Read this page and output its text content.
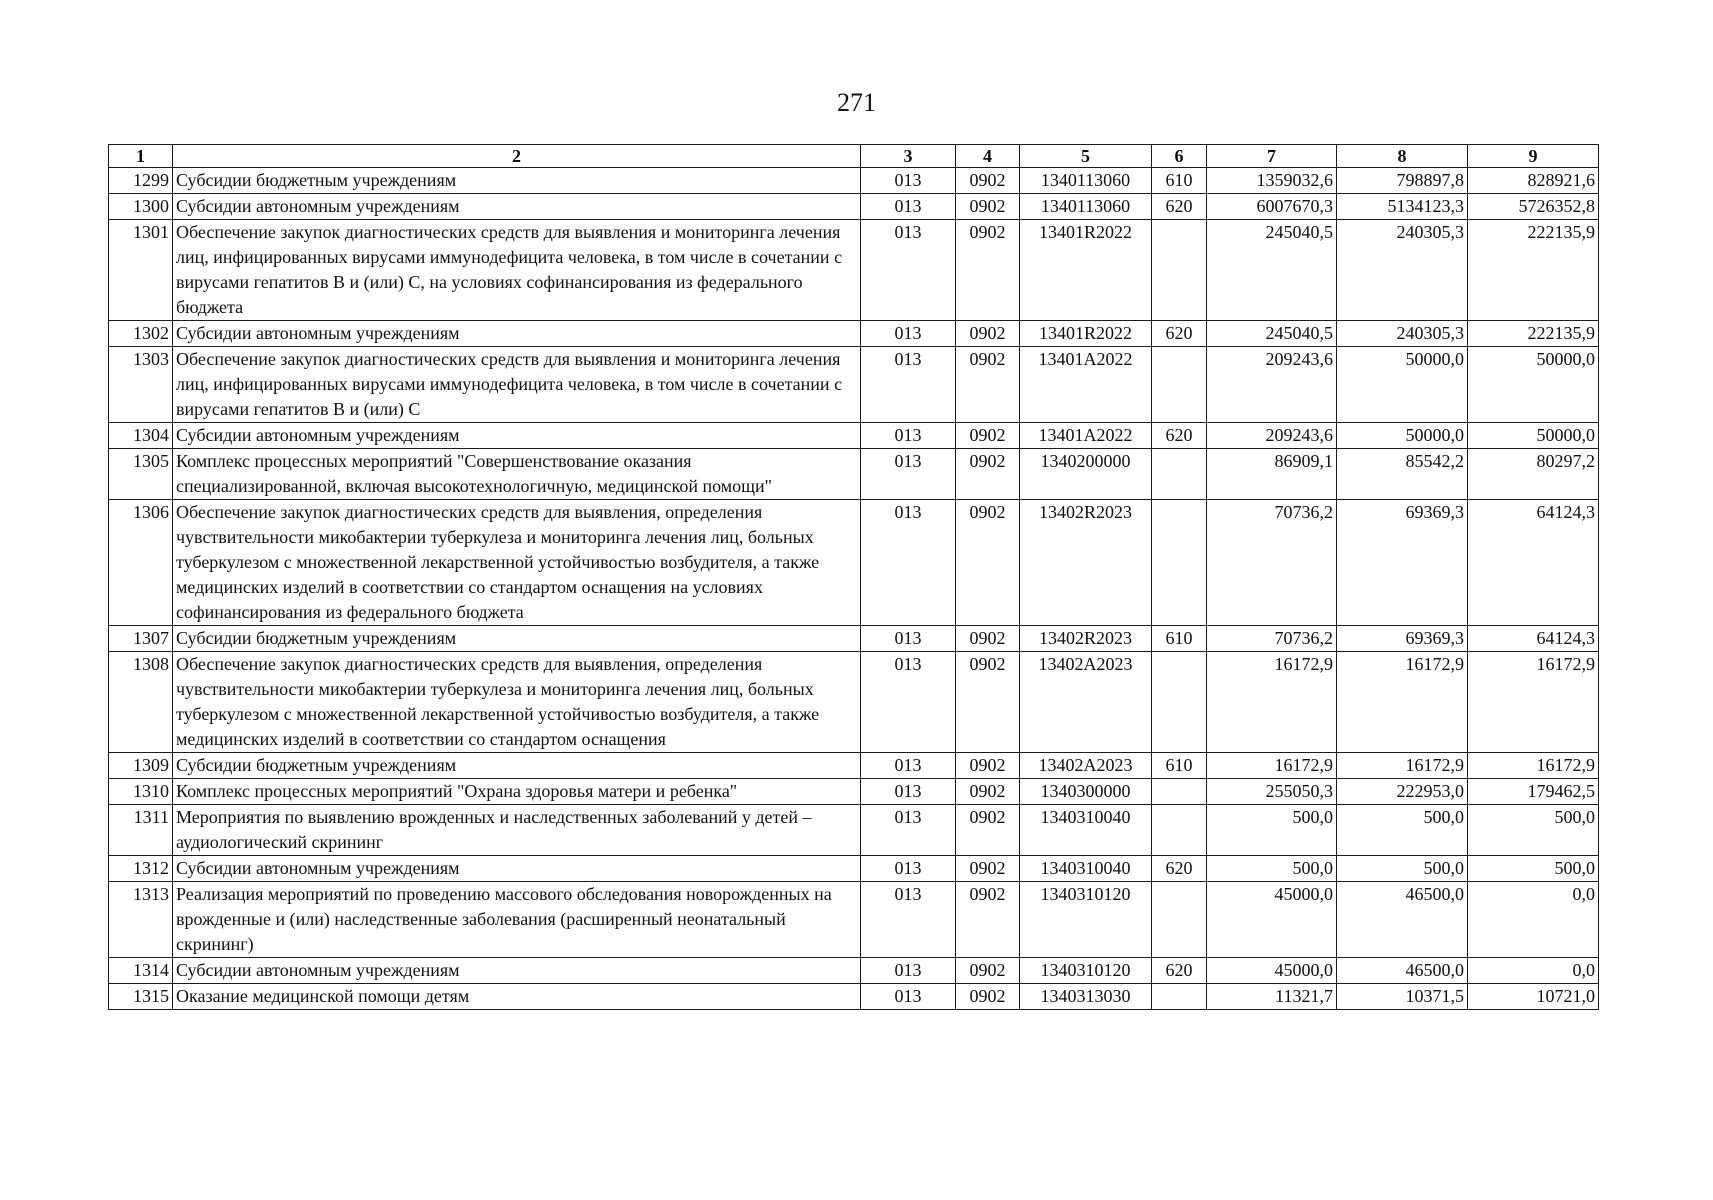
271
1	2	3	4	5	6	7	8	9
1299	Субсидии бюджетным учреждениям	013	0902	1340113060	610	1359032,6	798897,8	828921,6
1300	Субсидии автономным учреждениям	013	0902	1340113060	620	6007670,3	5134123,3	5726352,8
1301	Обеспечение закупок диагностических средств для выявления и мониторинга лечения лиц, инфицированных вирусами иммунодефицита человека, в том числе в сочетании с вирусами гепатитов В и (или) С, на условиях софинансирования из федерального бюджета	013	0902	13401R2022		245040,5	240305,3	222135,9
1302	Субсидии автономным учреждениям	013	0902	13401R2022	620	245040,5	240305,3	222135,9
1303	Обеспечение закупок диагностических средств для выявления и мониторинга лечения лиц, инфицированных вирусами иммунодефицита человека, в том числе в сочетании с вирусами гепатитов В и (или) С	013	0902	13401А2022		209243,6	50000,0	50000,0
1304	Субсидии автономным учреждениям	013	0902	13401А2022	620	209243,6	50000,0	50000,0
1305	Комплекс процессных мероприятий "Совершенствование оказания специализированной, включая высокотехнологичную, медицинской помощи"	013	0902	1340200000		86909,1	85542,2	80297,2
1306	Обеспечение закупок диагностических средств для выявления, определения чувствительности микобактерии туберкулеза и мониторинга лечения лиц, больных туберкулезом с множественной лекарственной устойчивостью возбудителя, а также медицинских изделий в соответствии со стандартом оснащения на условиях софинансирования из федерального бюджета	013	0902	13402R2023		70736,2	69369,3	64124,3
1307	Субсидии бюджетным учреждениям	013	0902	13402R2023	610	70736,2	69369,3	64124,3
1308	Обеспечение закупок диагностических средств для выявления, определения чувствительности микобактерии туберкулеза и мониторинга лечения лиц, больных туберкулезом с множественной лекарственной устойчивостью возбудителя, а также медицинских изделий в соответствии со стандартом оснащения	013	0902	13402А2023		16172,9	16172,9	16172,9
1309	Субсидии бюджетным учреждениям	013	0902	13402А2023	610	16172,9	16172,9	16172,9
1310	Комплекс процессных мероприятий "Охрана здоровья матери и ребенка"	013	0902	1340300000		255050,3	222953,0	179462,5
1311	Мероприятия по выявлению врожденных и наследственных заболеваний у детей – аудиологический скрининг	013	0902	1340310040		500,0	500,0	500,0
1312	Субсидии автономным учреждениям	013	0902	1340310040	620	500,0	500,0	500,0
1313	Реализация мероприятий по проведению массового обследования новорожденных на врожденные и (или) наследственные заболевания (расширенный неонатальный скрининг)	013	0902	1340310120		45000,0	46500,0	0,0
1314	Субсидии автономным учреждениям	013	0902	1340310120	620	45000,0	46500,0	0,0
1315	Оказание медицинской помощи детям	013	0902	1340313030		11321,7	10371,5	10721,0
